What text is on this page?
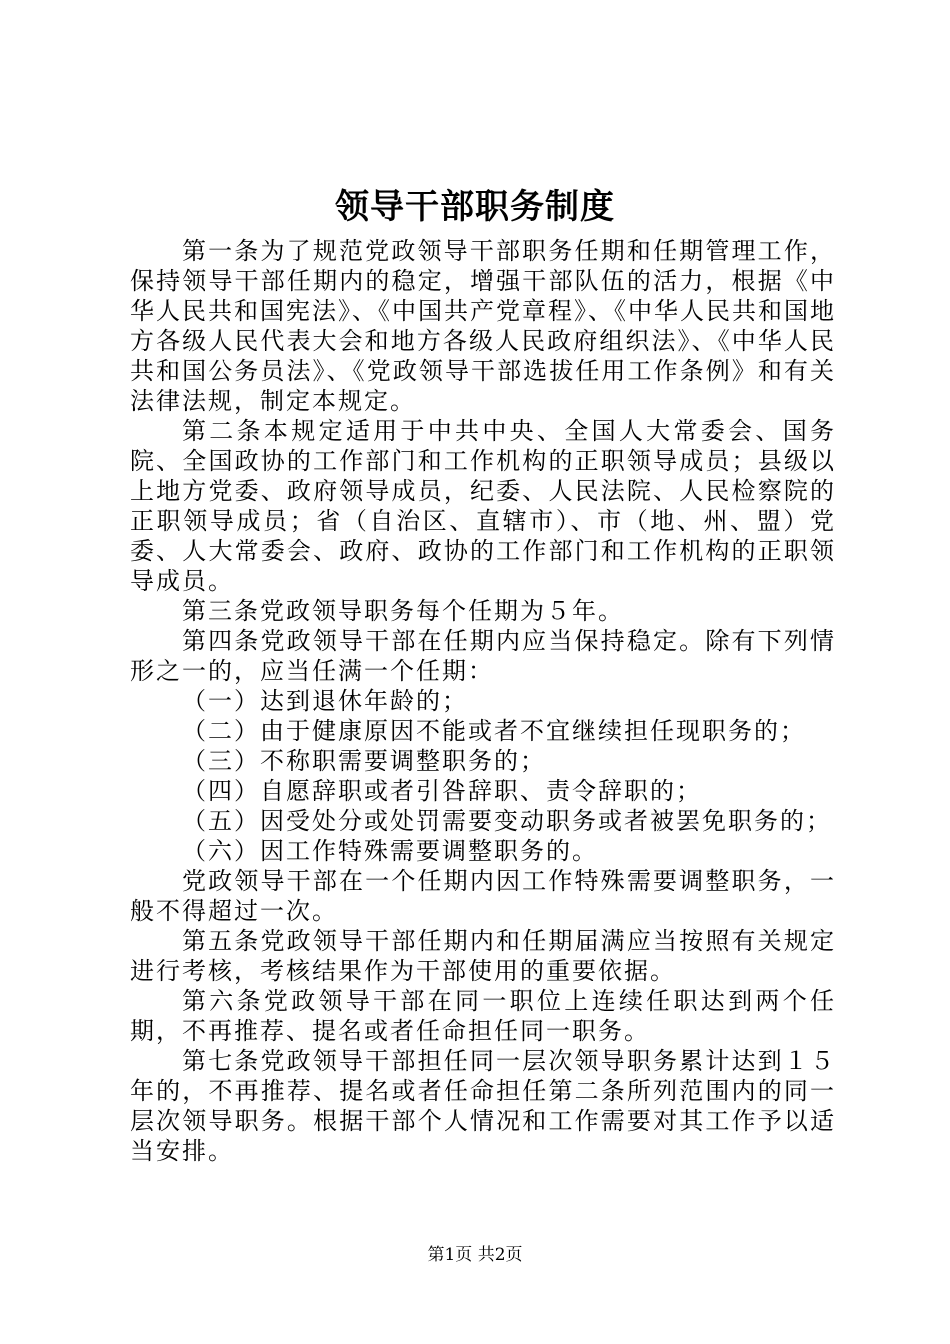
领导干部职务制度

第一条为了规范党政领导干部职务任期和任期管理工作，保持领导干部任期内的稳定，增强干部队伍的活力，根据《中华人民共和国宪法》、《中国共产党章程》、《中华人民共和国地方各级人民代表大会和地方各级人民政府组织法》、《中华人民共和国公务员法》、《党政领导干部选拔任用工作条例》和有关法律法规，制定本规定。

第二条本规定适用于中共中央、全国人大常委会、国务院、全国政协的工作部门和工作机构的正职领导成员；县级以上地方党委、政府领导成员，纪委、人民法院、人民检察院的正职领导成员；省（自治区、直辖市）、市（地、州、盟）党委、人大常委会、政府、政协的工作部门和工作机构的正职领导成员。

第三条党政领导职务每个任期为５年。

第四条党政领导干部在任期内应当保持稳定。除有下列情形之一的，应当任满一个任期：

（一）达到退休年龄的；

（二）由于健康原因不能或者不宜继续担任现职务的；

（三）不称职需要调整职务的；

（四）自愿辞职或者引咎辞职、责令辞职的；

（五）因受处分或处罚需要变动职务或者被罢免职务的；

（六）因工作特殊需要调整职务的。

党政领导干部在一个任期内因工作特殊需要调整职务，一般不得超过一次。

第五条党政领导干部任期内和任期届满应当按照有关规定进行考核，考核结果作为干部使用的重要依据。

第六条党政领导干部在同一职位上连续任职达到两个任期，不再推荐、提名或者任命担任同一职务。

第七条党政领导干部担任同一层次领导职务累计达到１５年的，不再推荐、提名或者任命担任第二条所列范围内的同一层次领导职务。根据干部个人情况和工作需要对其工作予以适当安排。

第1页 共2页
